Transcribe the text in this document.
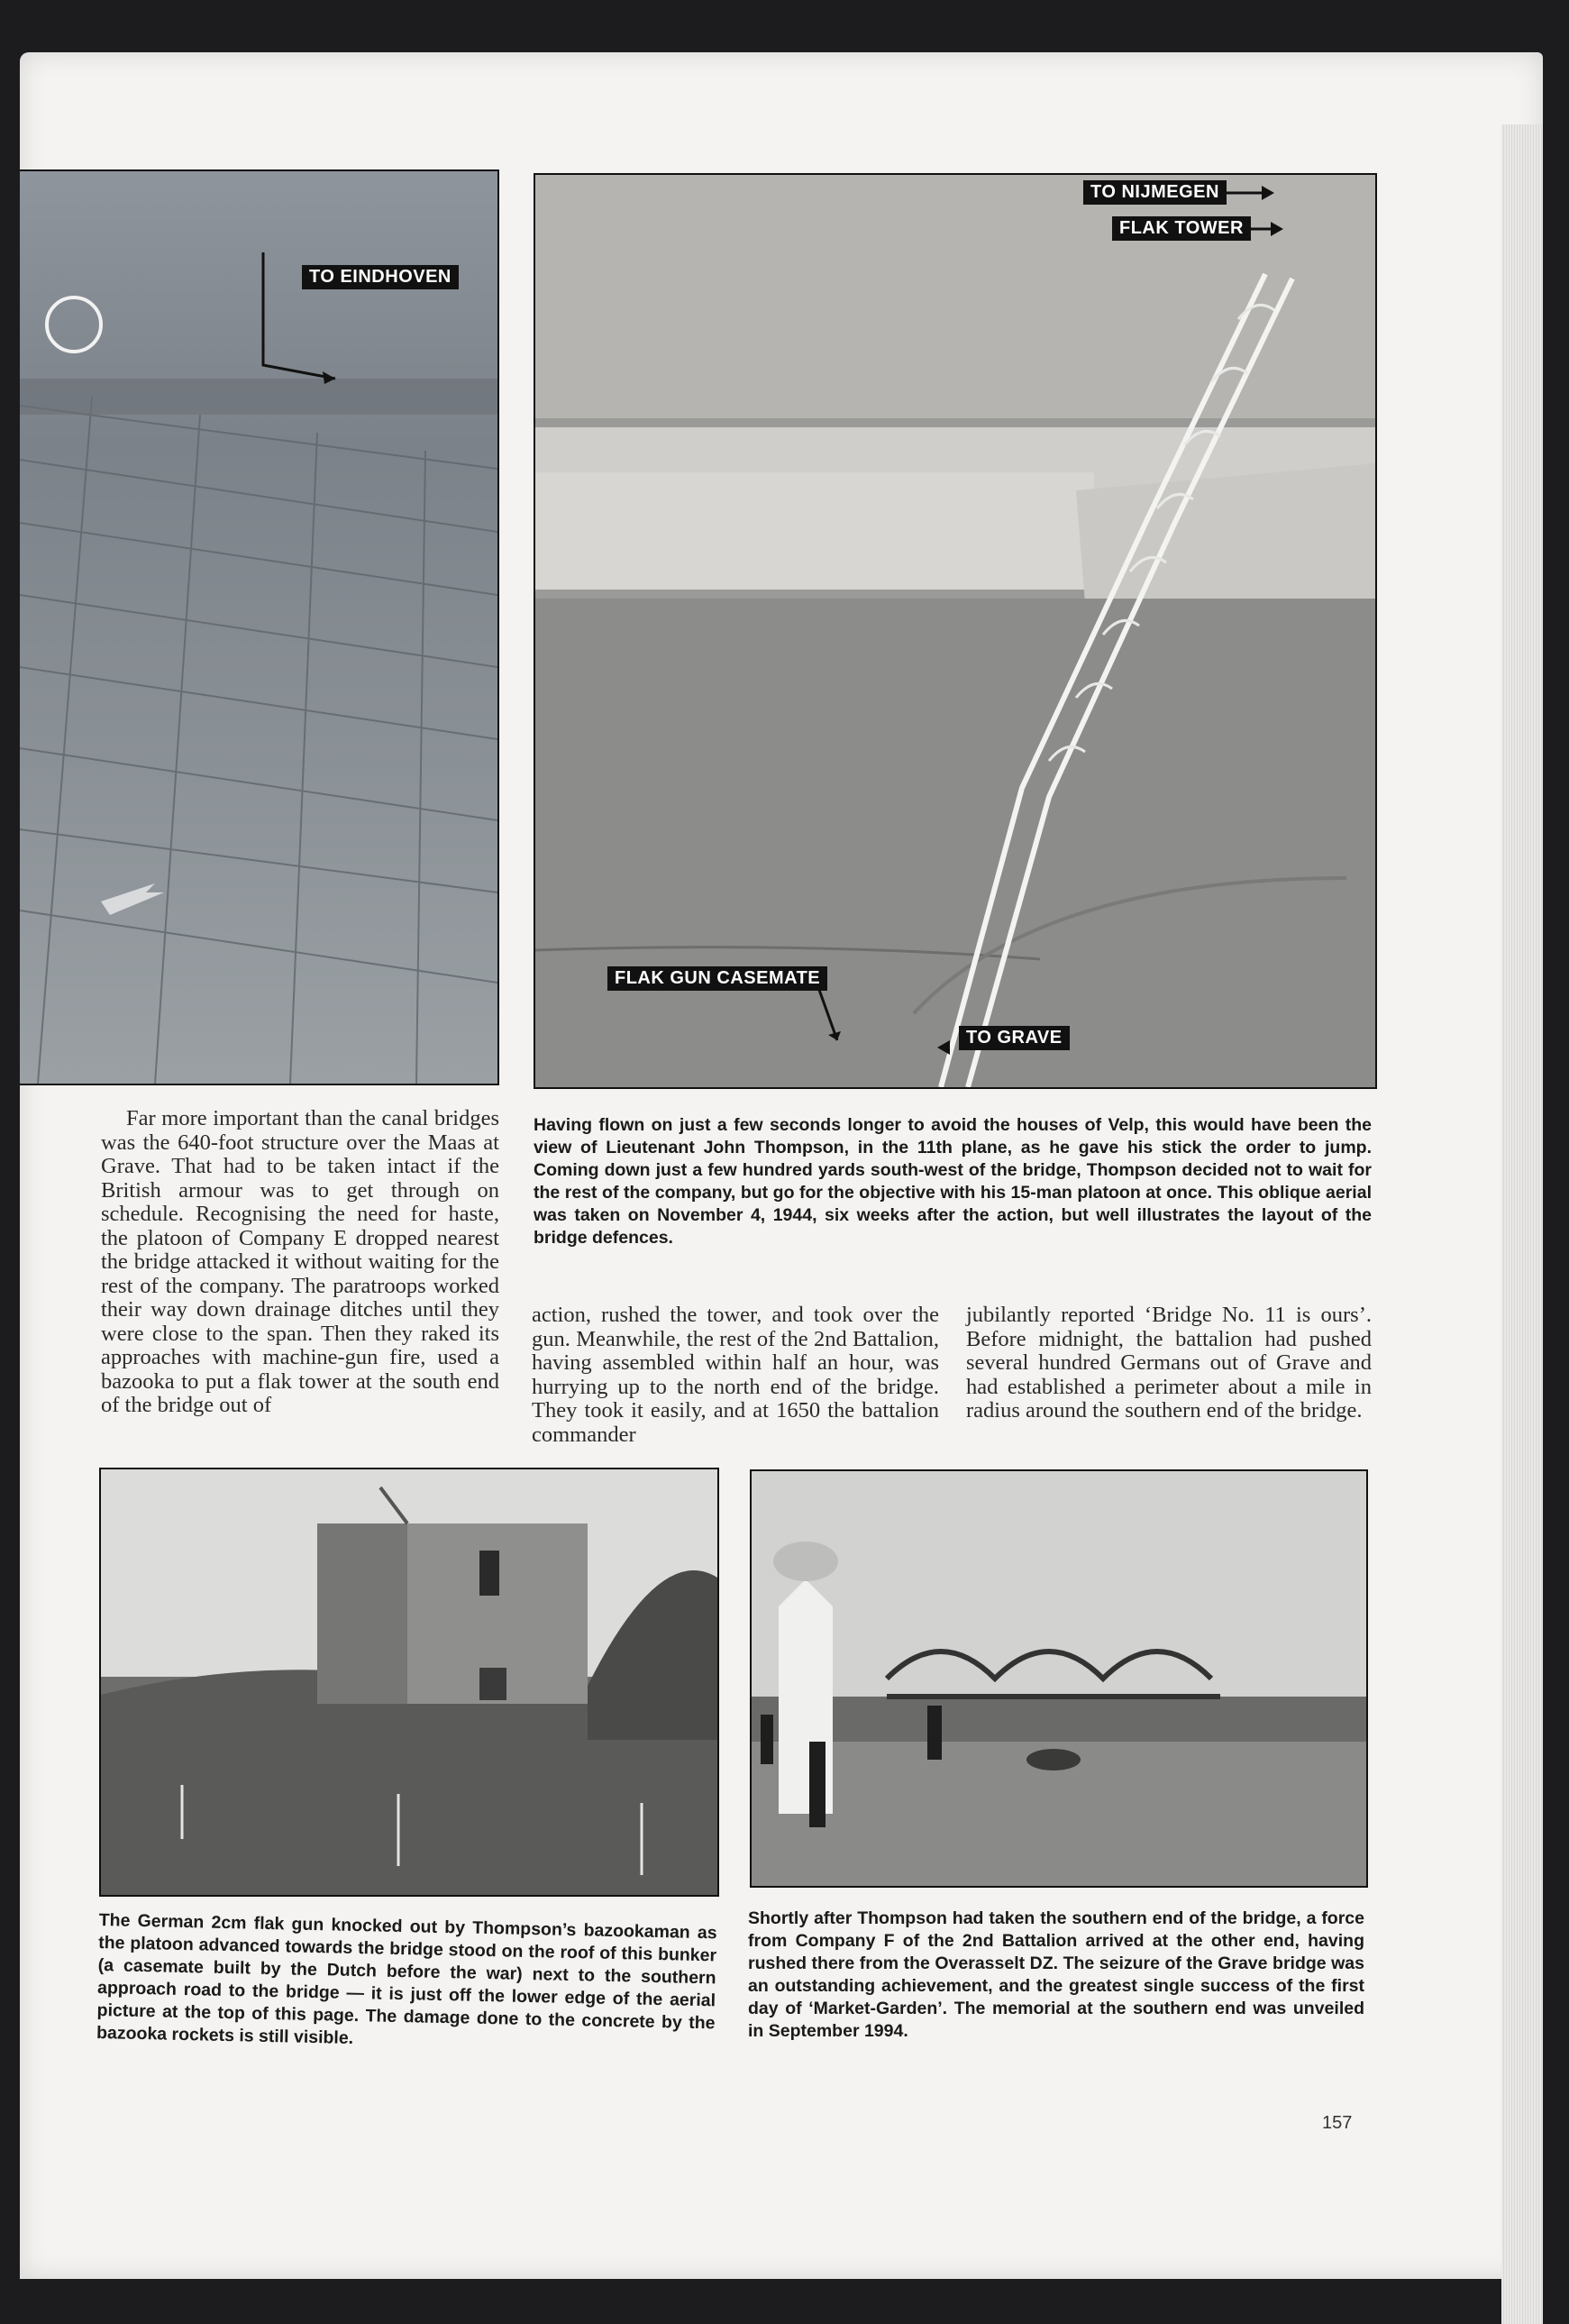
TO EINDHOVEN
TO NIJMEGEN
FLAK TOWER
FLAK GUN CASEMATE
TO GRAVE
Having flown on just a few seconds longer to avoid the houses of Velp, this would have been the view of Lieutenant John Thompson, in the 11th plane, as he gave his stick the order to jump. Coming down just a few hundred yards south-west of the bridge, Thompson decided not to wait for the rest of the company, but go for the objective with his 15-man platoon at once. This oblique aerial was taken on November 4, 1944, six weeks after the action, but well illustrates the layout of the bridge defences.

Far more important than the canal bridges was the 640-foot structure over the Maas at Grave. That had to be taken intact if the British armour was to get through on schedule. Recognising the need for haste, the platoon of Company E dropped nearest the bridge attacked it without waiting for the rest of the company. The paratroops worked their way down drainage ditches until they were close to the span. Then they raked its approaches with machine-gun fire, used a bazooka to put a flak tower at the south end of the bridge out of

action, rushed the tower, and took over the gun. Meanwhile, the rest of the 2nd Battalion, having assembled within half an hour, was hurrying up to the north end of the bridge. They took it easily, and at 1650 the battalion commander

jubilantly reported ‘Bridge No. 11 is ours’. Before midnight, the battalion had pushed several hundred Germans out of Grave and had established a perimeter about a mile in radius around the southern end of the bridge.

The German 2cm flak gun knocked out by Thompson’s bazookaman as the platoon advanced towards the bridge stood on the roof of this bunker (a casemate built by the Dutch before the war) next to the southern approach road to the bridge — it is just off the lower edge of the aerial picture at the top of this page. The damage done to the concrete by the bazooka rockets is still visible.
Shortly after Thompson had taken the southern end of the bridge, a force from Company F of the 2nd Battalion arrived at the other end, having rushed there from the Overasselt DZ. The seizure of the Grave bridge was an outstanding achievement, and the greatest single success of the first day of ‘Market-Garden’. The memorial at the southern end was unveiled in September 1994.
157
